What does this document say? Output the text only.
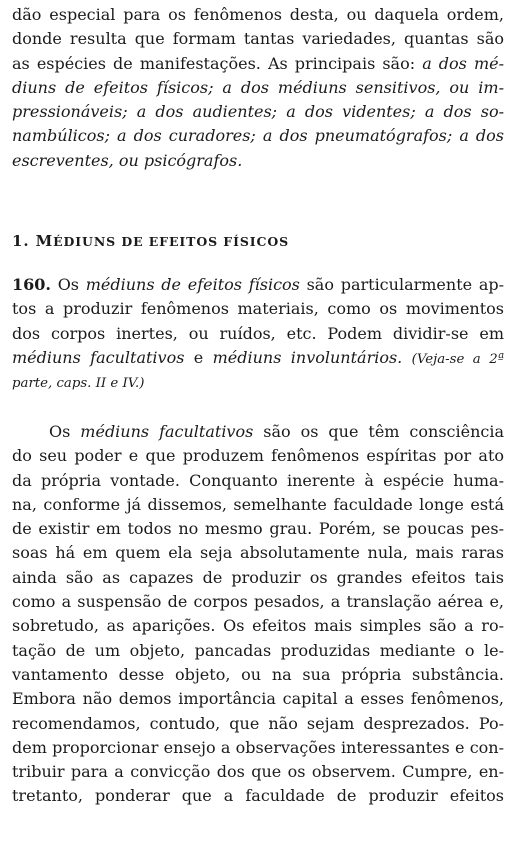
dão especial para os fenômenos desta, ou daquela ordem,
donde resulta que formam tantas variedades, quantas são
as espécies de manifestações. As principais são: a dos mé-
diuns de efeitos físicos; a dos médiuns sensitivos, ou im-
pressionáveis; a dos audientes; a dos videntes; a dos so-
nambúlicos; a dos curadores; a dos pneumatógrafos; a dos
escreventes, ou psicógrafos.
1. MÉDIUNS DE EFEITOS FÍSICOS
160. Os médiuns de efeitos físicos são particularmente ap-
tos a produzir fenômenos materiais, como os movimentos
dos corpos inertes, ou ruídos, etc. Podem dividir-se em
médiuns facultativos e médiuns involuntários. (Veja-se a 2ª
parte, caps. II e IV.)
Os médiuns facultativos são os que têm consciência
do seu poder e que produzem fenômenos espíritas por ato
da própria vontade. Conquanto inerente à espécie huma-
na, conforme já dissemos, semelhante faculdade longe está
de existir em todos no mesmo grau. Porém, se poucas pes-
soas há em quem ela seja absolutamente nula, mais raras
ainda são as capazes de produzir os grandes efeitos tais
como a suspensão de corpos pesados, a translação aérea e,
sobretudo, as aparições. Os efeitos mais simples são a ro-
tação de um objeto, pancadas produzidas mediante o le-
vantamento desse objeto, ou na sua própria substância.
Embora não demos importância capital a esses fenômenos,
recomendamos, contudo, que não sejam desprezados. Po-
dem proporcionar ensejo a observações interessantes e con-
tribuir para a convicção dos que os observem. Cumpre, en-
tretanto, ponderar que a faculdade de produzir efeitos
